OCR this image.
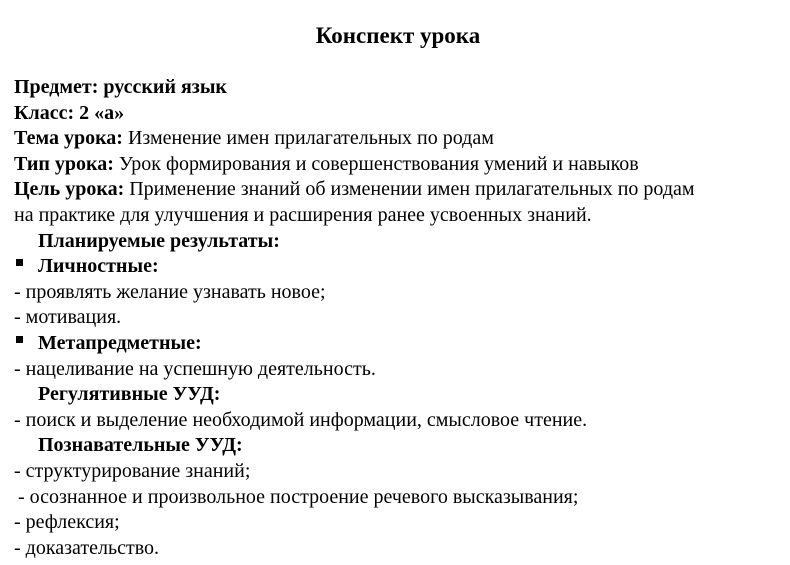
Конспект урока
Предмет: русский язык
Класс: 2 «а»
Тема урока: Изменение имен прилагательных по родам
Тип урока: Урок формирования и совершенствования умений и навыков
Цель урока: Применение знаний об изменении имен прилагательных по родам
на практике для улучшения и расширения ранее усвоенных знаний.
Планируемые результаты:
Личностные:
- проявлять желание узнавать новое;
- мотивация.
Метапредметные:
- нацеливание на успешную деятельность.
Регулятивные УУД:
- поиск и выделение необходимой информации, смысловое чтение.
Познавательные УУД:
- структурирование знаний;
- осознанное и произвольное построение речевого высказывания;
- рефлексия;
- доказательство.
